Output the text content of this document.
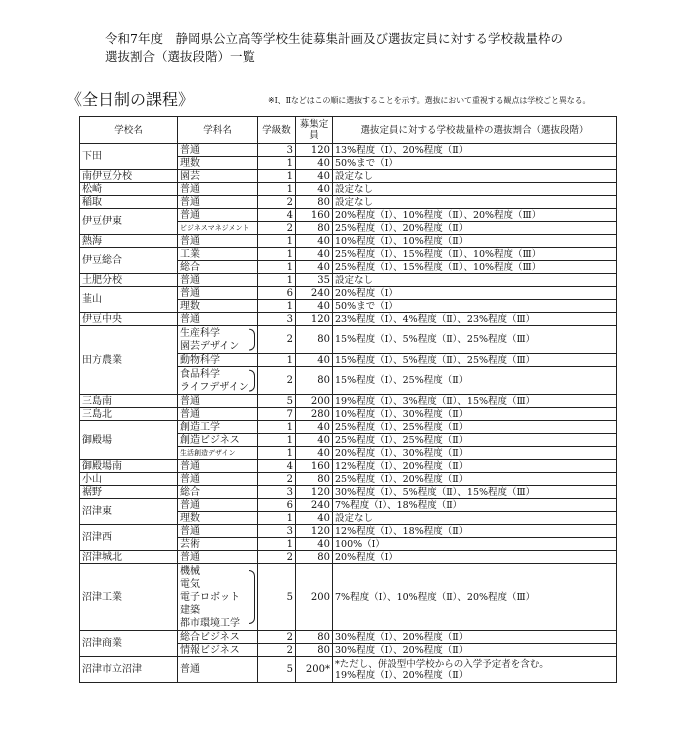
令和7年度　静岡県公立高等学校生徒募集計画及び選抜定員に対する学校裁量枠の
選抜割合（選抜段階）一覧
《全日制の課程》	※Ⅰ、Ⅱなどはこの順に選抜することを示す。選抜において重視する観点は学校ごと異なる。
学校名	学科名	学級数	募集定員	選抜定員に対する学校裁量枠の選抜割合（選抜段階）
下田	普通	3	120	13%程度（Ⅰ）、20%程度（Ⅱ）
	理数	1	40	50%まで（Ⅰ）
南伊豆分校	園芸	1	40	設定なし
松崎	普通	1	40	設定なし
稲取	普通	2	80	設定なし
伊豆伊東	普通	4	160	20%程度（Ⅰ）、10%程度（Ⅱ）、20%程度（Ⅲ）
	ビジネスマネジメント	2	80	25%程度（Ⅰ）、20%程度（Ⅱ）
熱海	普通	1	40	10%程度（Ⅰ）、10%程度（Ⅱ）
伊豆総合	工業	1	40	25%程度（Ⅰ）、15%程度（Ⅱ）、10%程度（Ⅲ）
	総合	1	40	25%程度（Ⅰ）、15%程度（Ⅱ）、10%程度（Ⅲ）
土肥分校	普通	1	35	設定なし
韮山	普通	6	240	20%程度（Ⅰ）
	理数	1	40	50%まで（Ⅰ）
伊豆中央	普通	3	120	23%程度（Ⅰ）、4%程度（Ⅱ）、23%程度（Ⅲ）
田方農業	生産科学
園芸デザイン	2	80	15%程度（Ⅰ）、5%程度（Ⅱ）、25%程度（Ⅲ）
	動物科学	1	40	15%程度（Ⅰ）、5%程度（Ⅱ）、25%程度（Ⅲ）

	食品科学
ライフデザイン	2	80	15%程度（Ⅰ）、25%程度（Ⅱ）
三島南	普通	5	200	19%程度（Ⅰ）、3%程度（Ⅱ）、15%程度（Ⅲ）
三島北	普通	7	280	10%程度（Ⅰ）、30%程度（Ⅱ）
御殿場	創造工学	1	40	25%程度（Ⅰ）、25%程度（Ⅱ）
	創造ビジネス	1	40	25%程度（Ⅰ）、25%程度（Ⅱ）
	生活創造デザイン	1	40	20%程度（Ⅰ）、30%程度（Ⅱ）
御殿場南	普通	4	160	12%程度（Ⅰ）、20%程度（Ⅱ）
小山	普通	2	80	25%程度（Ⅰ）、20%程度（Ⅱ）
裾野	総合	3	120	30%程度（Ⅰ）、5%程度（Ⅱ）、15%程度（Ⅲ）
沼津東	普通	6	240	7%程度（Ⅰ）、18%程度（Ⅱ）
	理数	1	40	設定なし
沼津西	普通	3	120	12%程度（Ⅰ）、18%程度（Ⅱ）
	芸術	1	40	100%（Ⅰ）
沼津城北	普通	2	80	20%程度（Ⅰ）
沼津工業	機械
電気
電子ロボット
建築
都市環境工学	5	200	7%程度（Ⅰ）、10%程度（Ⅱ）、20%程度（Ⅲ）
沼津商業	総合ビジネス	2	80	30%程度（Ⅰ）、20%程度（Ⅱ）
	情報ビジネス	2	80	30%程度（Ⅰ）、20%程度（Ⅱ）
沼津市立沼津	普通	5	200*	*ただし、併設型中学校からの入学予定者を含む。
19%程度（Ⅰ）、20%程度（Ⅱ）
